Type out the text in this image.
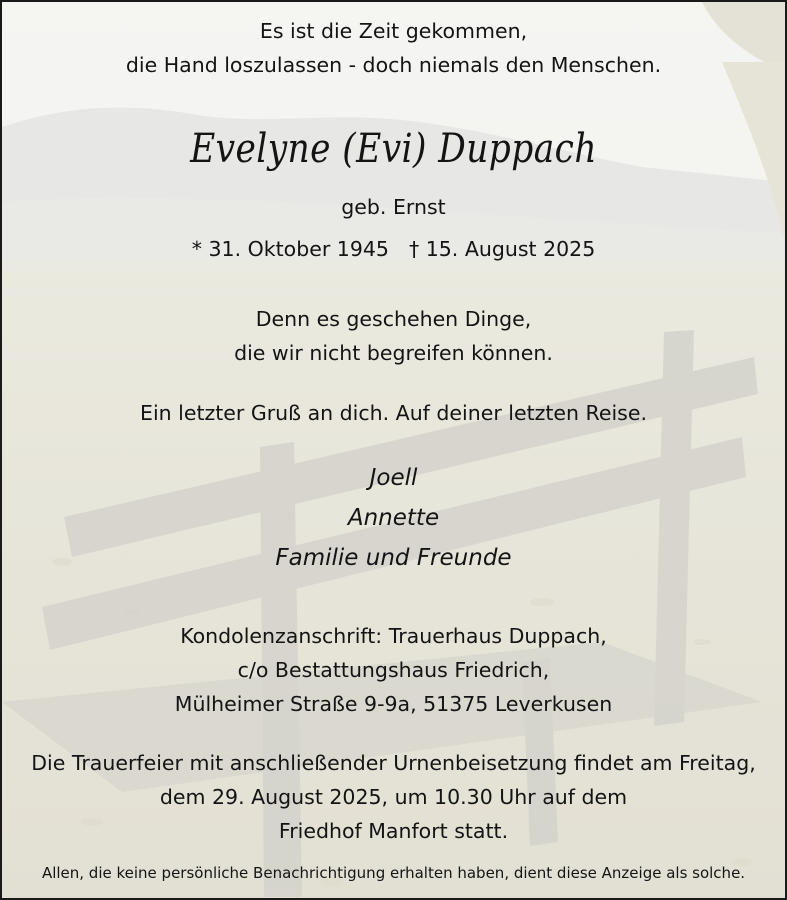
Es ist die Zeit gekommen,
die Hand loszulassen - doch niemals den Menschen.
Evelyne (Evi) Duppach
geb. Ernst
* 31. Oktober 1945 † 15. August 2025
Denn es geschehen Dinge,
die wir nicht begreifen können.
Ein letzter Gruß an dich. Auf deiner letzten Reise.
Joell
Annette
Familie und Freunde
Kondolenzanschrift: Trauerhaus Duppach,
c/o Bestattungshaus Friedrich,
Mülheimer Straße 9-9a, 51375 Leverkusen
Die Trauerfeier mit anschließender Urnenbeisetzung findet am Freitag,
dem 29. August 2025, um 10.30 Uhr auf dem
Friedhof Manfort statt.
Allen, die keine persönliche Benachrichtigung erhalten haben, dient diese Anzeige als solche.
